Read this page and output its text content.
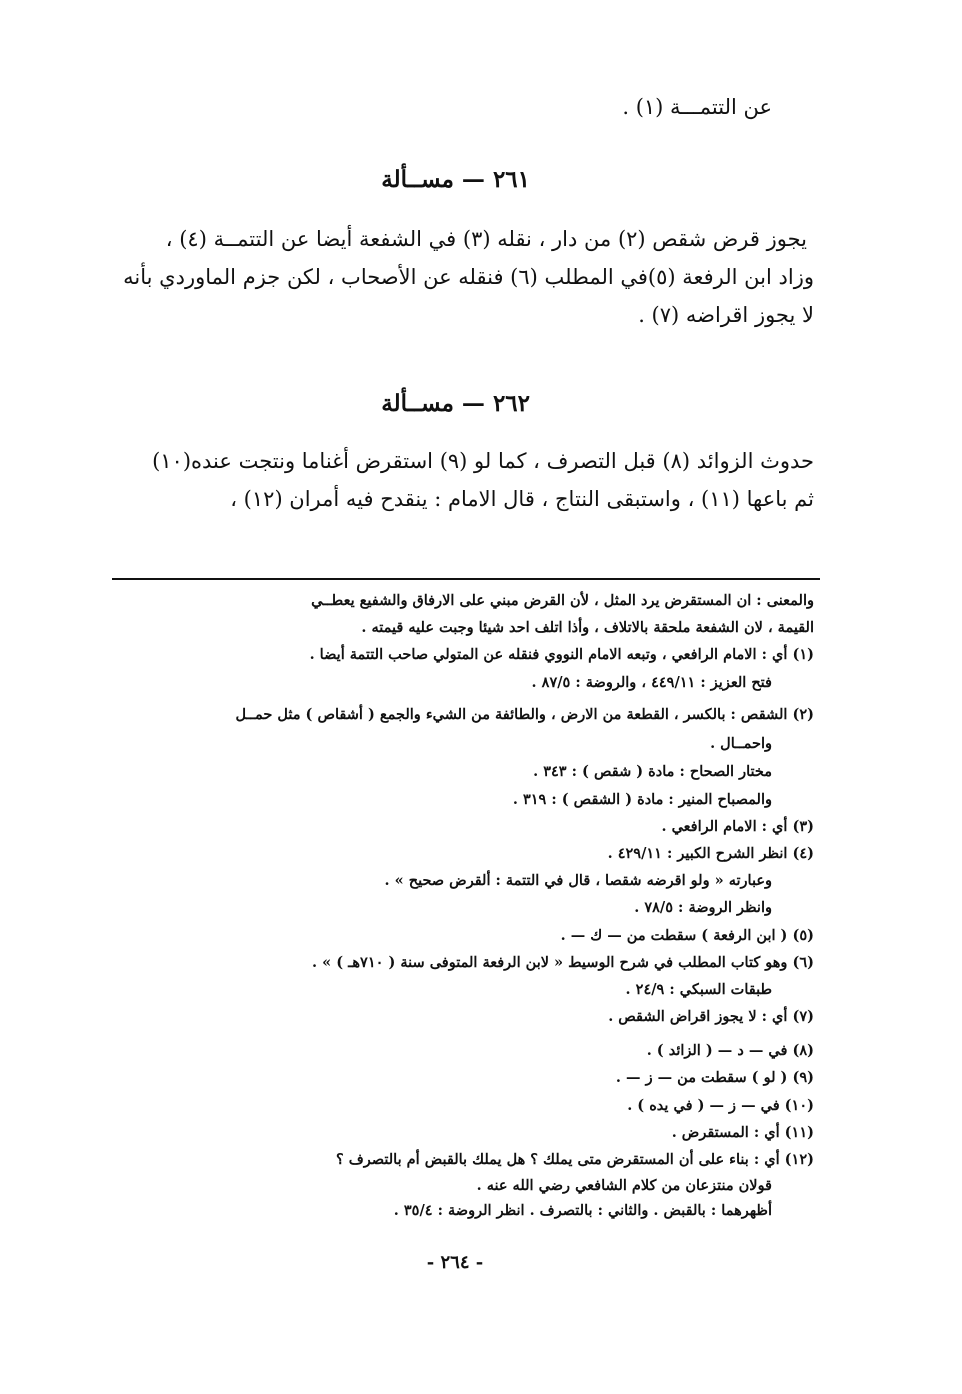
عن التتمـــة (١) .

٢٦١ — مســألة

يجوز قرض شقص (٢) من دار ، نقله (٣) في الشفعة أيضا عن التتمــة (٤) ،

وزاد ابن الرفعة (٥)في المطلب (٦) فنقله عن الأصحاب ، لكن جزم الماوردي بأنه

لا يجوز اقراضه (٧) .

٢٦٢ — مســألة

حدوث الزوائد (٨) قبل التصرف ، كما لو (٩) استقرض أغناما ونتجت عنده(١٠)

ثم باعها (١١) ، واستبقى النتاج ، قال الامام : ينقدح فيه أمران (١٢) ،

والمعنى : ان المستقرض يرد المثل ، لأن القرض مبني على الارفاق والشفيع يعطــي

القيمة ، لان الشفعة ملحقة بالاتلاف ، وأذا اتلف احد شيئا وجبت عليه قيمته .

(١) أي : الامام الرافعي ، وتبعه الامام النووي فنقله عن المتولي صاحب التتمة أيضا .

فتح العزيز : ٤٤٩/١١ ، والروضة : ٨٧/٥ .

(٢) الشقص : بالكسر ، القطعة من الارض ، والطائفة من الشيء والجمع ( أشقاص ) مثل حمــل

واحمــال .

مختار الصحاح : مادة ( شقص ) : ٣٤٣ .

والمصباح المنير : مادة ( الشقص ) : ٣١٩ .

(٣) أي : الامام الرافعي .

(٤) انظر الشرح الكبير : ٤٢٩/١١ .

وعبارته « ولو اقرضه شقصا ، قال في التتمة : ألقرض صحيح » .

وانظر الروضة : ٧٨/٥ .

(٥) ( ابن الرفعة ) سقطت من — ك — .

(٦) وهو كتاب المطلب في شرح الوسيط « لابن الرفعة المتوفى سنة ( ٧١٠هـ ) » .

طبقات السبكي : ٢٤/٩ .

(٧) أي : لا يجوز اقراض الشقص .

(٨) في — د — ( الزائد ) .

(٩) ( لو ) سقطت من — ز — .

(١٠) في — ز — ( في يده ) .

(١١) أي : المستقرض .

(١٢) أي : بناء على أن المستقرض متى يملك ؟ هل يملك بالقبض أم بالتصرف ؟

قولان منتزعان من كلام الشافعي رضي الله عنه .

أظهرهما : بالقبض . والثاني : بالتصرف . انظر الروضة : ٣٥/٤ .

- ٢٦٤ -
